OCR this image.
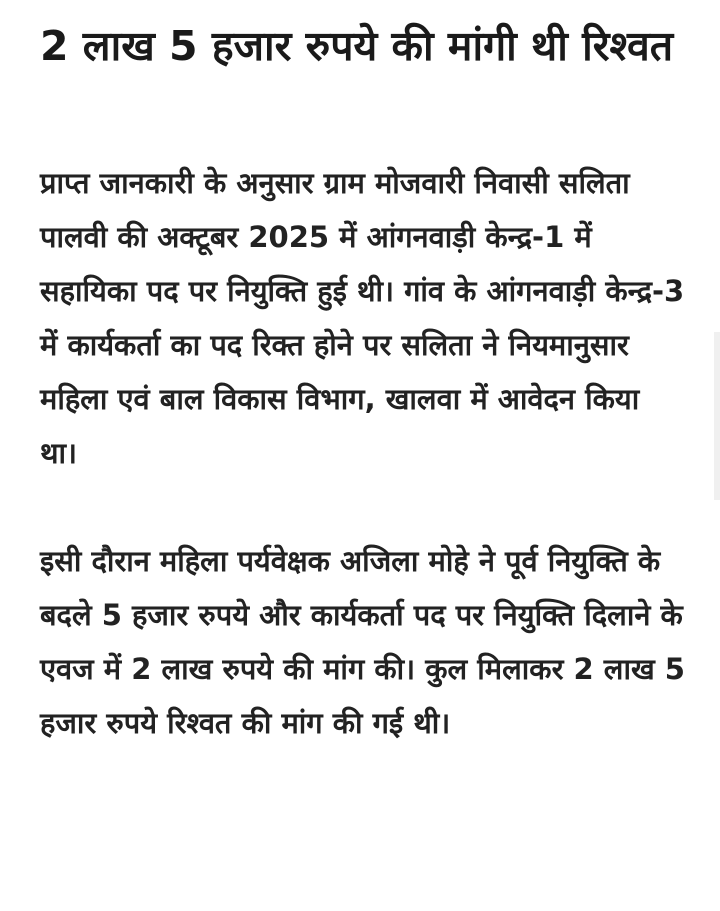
2 लाख 5 हजार रुपये की मांगी थी रिश्वत

प्राप्त जानकारी के अनुसार ग्राम मोजवारी निवासी सलिता पालवी की अक्टूबर 2025 में आंगनवाड़ी केन्द्र-1 में सहायिका पद पर नियुक्ति हुई थी। गांव के आंगनवाड़ी केन्द्र-3 में कार्यकर्ता का पद रिक्त होने पर सलिता ने नियमानुसार महिला एवं बाल विकास विभाग, खालवा में आवेदन किया था।

इसी दौरान महिला पर्यवेक्षक अजिला मोहे ने पूर्व नियुक्ति के बदले 5 हजार रुपये और कार्यकर्ता पद पर नियुक्ति दिलाने के एवज में 2 लाख रुपये की मांग की। कुल मिलाकर 2 लाख 5 हजार रुपये रिश्वत की मांग की गई थी।
